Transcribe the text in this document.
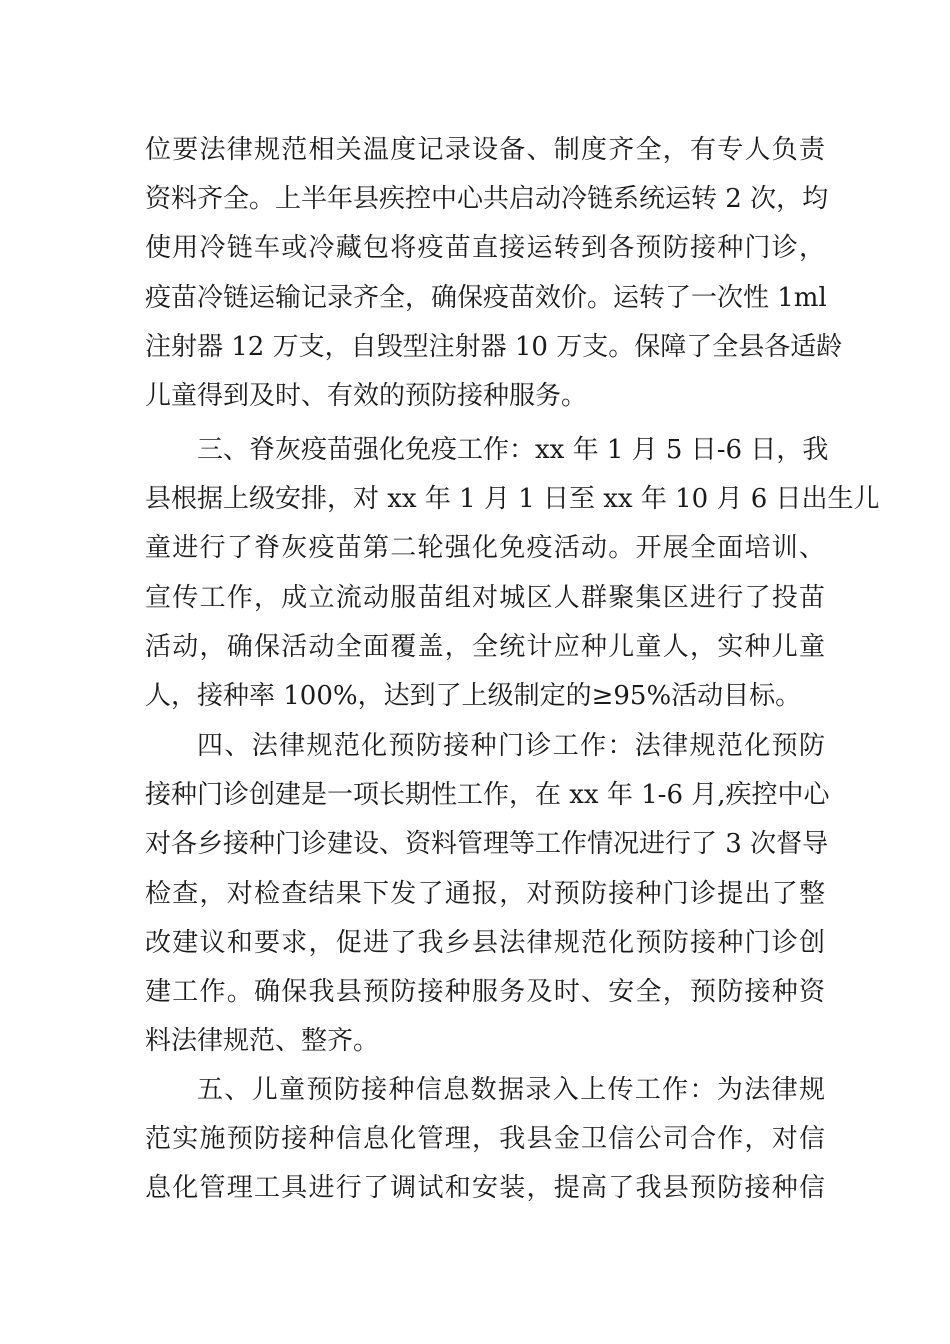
位要法律规范相关温度记录设备、制度齐全，有专人负责
资料齐全。上半年县疾控中心共启动冷链系统运转 2 次，均
使用冷链车或冷藏包将疫苗直接运转到各预防接种门诊，
疫苗冷链运输记录齐全，确保疫苗效价。运转了一次性 1ml
注射器 12 万支，自毁型注射器 10 万支。保障了全县各适龄
儿童得到及时、有效的预防接种服务。
三、脊灰疫苗强化免疫工作：xx 年 1 月 5 日-6 日，我
县根据上级安排，对 xx 年 1 月 1 日至 xx 年 10 月 6 日出生儿
童进行了脊灰疫苗第二轮强化免疫活动。开展全面培训、
宣传工作，成立流动服苗组对城区人群聚集区进行了投苗
活动，确保活动全面覆盖，全统计应种儿童人，实种儿童
人，接种率 100%，达到了上级制定的≥95%活动目标。
四、法律规范化预防接种门诊工作：法律规范化预防
接种门诊创建是一项长期性工作，在 xx 年 1-6 月,疾控中心
对各乡接种门诊建设、资料管理等工作情况进行了 3 次督导
检查，对检查结果下发了通报，对预防接种门诊提出了整
改建议和要求，促进了我乡县法律规范化预防接种门诊创
建工作。确保我县预防接种服务及时、安全，预防接种资
料法律规范、整齐。
五、儿童预防接种信息数据录入上传工作：为法律规
范实施预防接种信息化管理，我县金卫信公司合作，对信
息化管理工具进行了调试和安装，提高了我县预防接种信
